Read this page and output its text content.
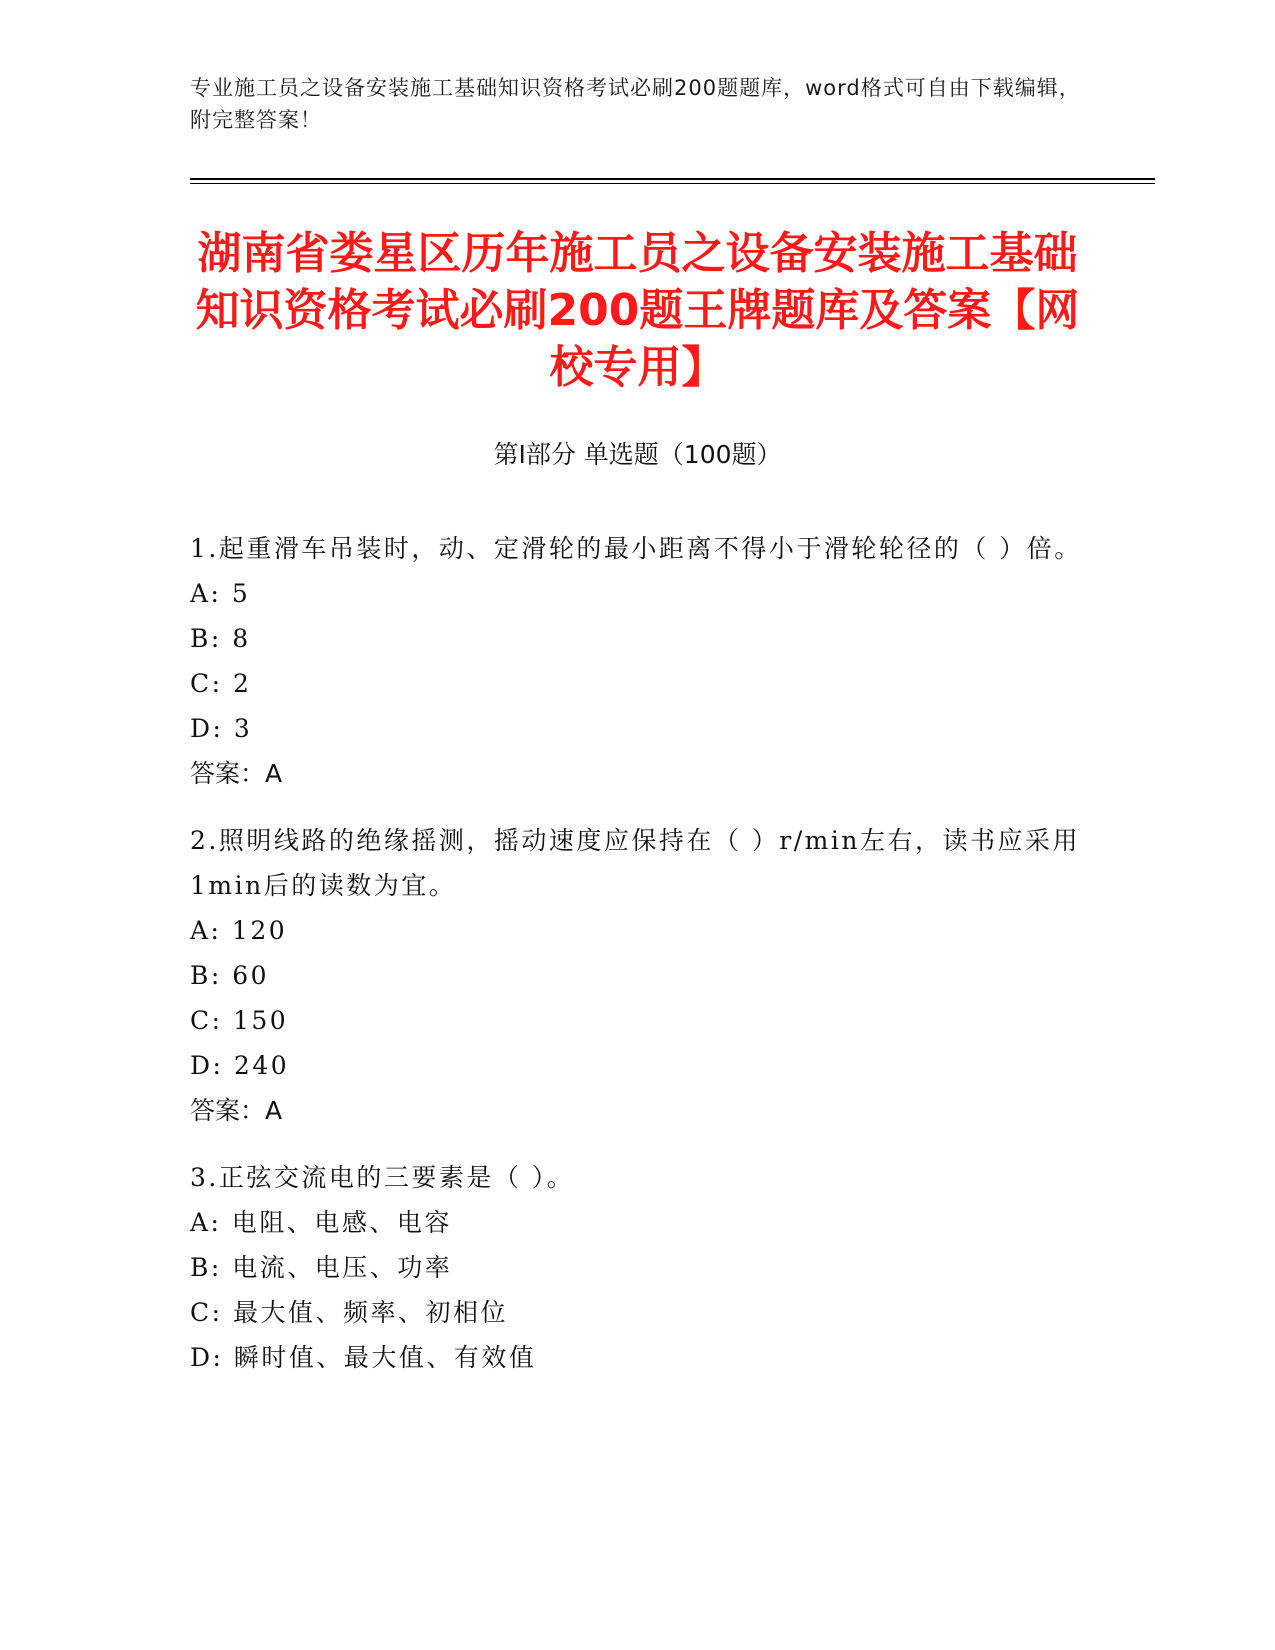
专业施工员之设备安装施工基础知识资格考试必刷200题题库，word格式可自由下载编辑，附完整答案！
湖南省娄星区历年施工员之设备安装施工基础知识资格考试必刷200题王牌题库及答案【网校专用】
第Ⅰ部分 单选题（100题）
1.起重滑车吊装时，动、定滑轮的最小距离不得小于滑轮轮径的（ ）倍。
A: 5
B: 8
C: 2
D: 3
答案：A
2.照明线路的绝缘摇测，摇动速度应保持在（ ）r/min左右，读书应采用1min后的读数为宜。
A: 120
B: 60
C: 150
D: 240
答案：A
3.正弦交流电的三要素是（ ）。
A: 电阻、电感、电容
B: 电流、电压、功率
C: 最大值、频率、初相位
D: 瞬时值、最大值、有效值
